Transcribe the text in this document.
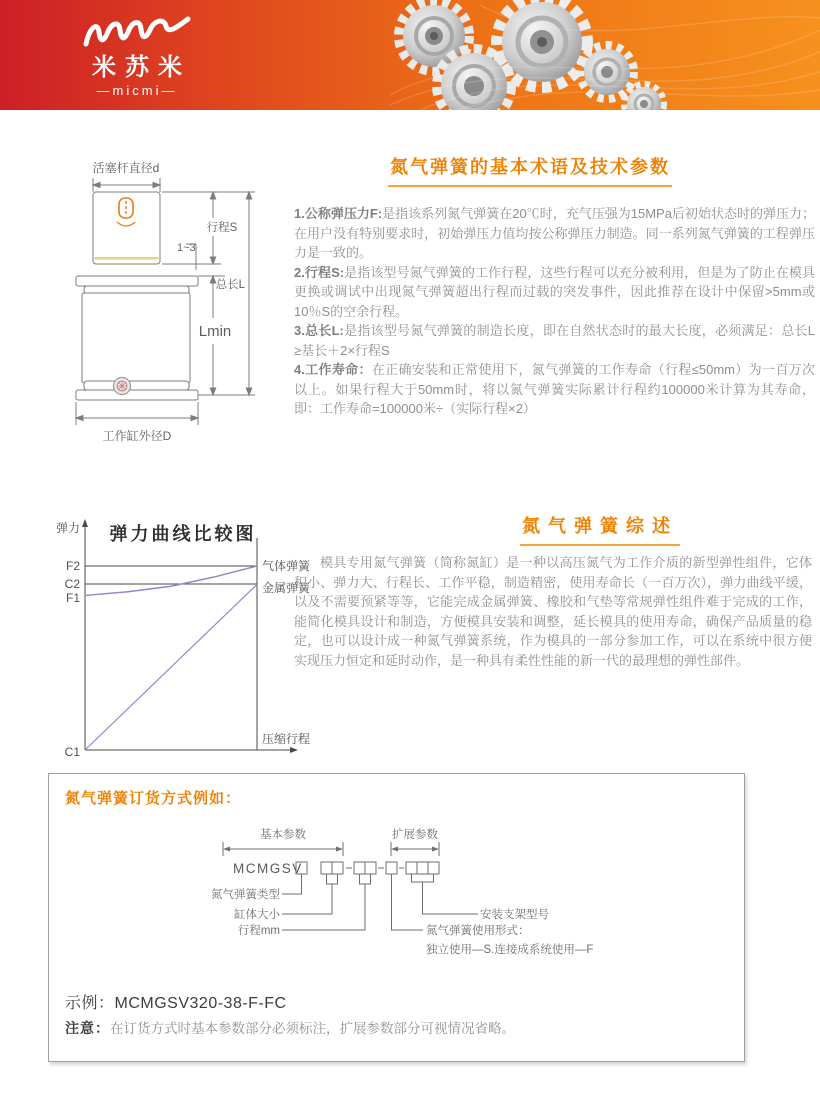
米苏米
—micmi—
氮气弹簧的基本术语及技术参数

1.公称弹压力F:是指该系列氮气弹簧在20℃时，充气压强为15MPa后初始状态时的弹压力；在用户没有特别要求时，初始弹压力值均按公称弹压力制造。同一系列氮气弹簧的工程弹压力是一致的。

2.行程S:是指该型号氮气弹簧的工作行程，这些行程可以充分被利用，但是为了防止在模具更换或调试中出现氮气弹簧超出行程而过载的突发事件，因此推荐在设计中保留>5mm或10％S的空余行程。

3.总长L:是指该型号氮气弹簧的制造长度，即在自然状态时的最大长度，必须满足：总长L ≥基长＋2×行程S

4.工作寿命：在正确安装和正常使用下，氮气弹簧的工作寿命（行程≤50mm）为一百万次以上。如果行程大于50mm时，将以氮气弹簧实际累计行程约100000米计算为其寿命，即：工作寿命=100000米÷（实际行程×2）

活塞杆直径d
行程S
1~3
总长L
Lmin
工作缸外径D
弹力曲线比较图
弹力
F2
C2
F1
C1
气体弹簧
金属弹簧
压缩行程
氮气弹簧综述

模具专用氮气弹簧（简称氮缸）是一种以高压氮气为工作介质的新型弹性组件，它体积小、弹力大、行程长、工作平稳，制造精密，使用寿命长（一百万次），弹力曲线平缓，以及不需要预紧等等，它能完成金属弹簧、橡胶和气垫等常规弹性组件难于完成的工作，能简化模具设计和制造，方便模具安装和调整，延长模具的使用寿命，确保产品质量的稳定，也可以设计成一种氮气弹簧系统，作为模具的一部分参加工作，可以在系统中很方便实现压力恒定和延时动作，是一种具有柔性性能的新一代的最理想的弹性部件。

氮气弹簧订货方式例如：
基本参数	扩展参数
MCMGSV
氮气弹簧类型
缸体大小
行程mm	氮气弹簧使用形式：
独立使用—S.连接成系统使用—F
安装支架型号
示例：MCMGSV320-38-F-FC
注意：在订货方式时基本参数部分必须标注，扩展参数部分可视情况省略。
